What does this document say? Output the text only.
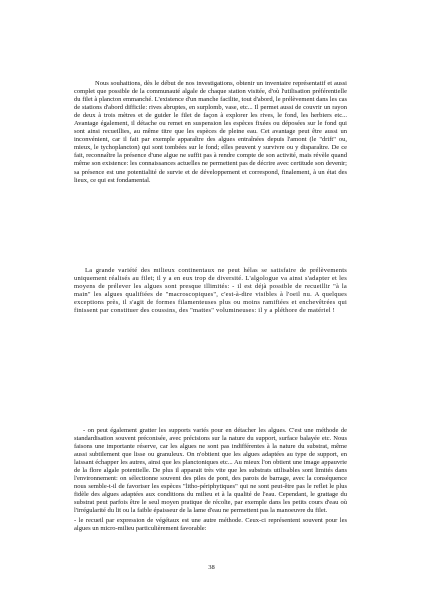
Nous souhaitions, dès le début de nos investigations, obtenir un inventaire représentatif et aussi complet que possible de la communauté algale de chaque station visitée, d'où l'utilisation préférentielle du filet à plancton emmanché. L'existence d'un manche facilite, tout d'abord, le prélèvement dans les cas de stations d'abord difficile: rives abruptes, en surplomb, vase, etc... Il permet aussi de couvrir un rayon de deux à trois mètres et de guider le filet de façon à explorer les rives, le fond, les herbiers etc... Avantage également, il détache ou remet en suspension les espèces fixées ou déposées sur le fond qui sont ainsi recueillies, au même titre que les espèces de pleine eau. Cet avantage peut être aussi un inconvénient, car il fait par exemple apparaître des algues entraînées depuis l'amont (le "drift" ou, mieux, le tychoplancton) qui sont tombées sur le fond; elles peuvent y survivre ou y disparaître. De ce fait, reconnaître la présence d'une algue ne suffit pas à rendre compte de son activité, mais révèle quand même son existence: les connaissances actuelles ne permettent pas de décrire avec certitude son devenir; sa présence est une potentialité de survie et de développement et correspond, finalement, à un état des lieux, ce qui est fondamental.

La grande variété des milieux continentaux ne peut hélas se satisfaire de prélèvements uniquement réalisés au filet; il y a en eux trop de diversité. L'algologue va ainsi s'adapter et les moyens de prélever les algues sont presque illimités: - il est déjà possible de recueillir "à la main" les algues qualifiées de "macroscopiques", c'est-à-dire visibles à l'oeil nu. A quelques exceptions près, il s'agit de formes filamenteuses plus ou moins ramifiées et enchevêtrées qui finissent par constituer des coussins, des "mattes" volumineuses: il y a pléthore de matériel !

- on peut également gratter les supports variés pour en détacher les algues. C'est une méthode de standardisation souvent préconisée, avec précisions sur la nature du support, surface balayée etc. Nous faisons une importante réserve, car les algues ne sont pas indifférentes à la nature du substrat, même aussi subtilement que lisse ou granuleux. On n'obtient que les algues adaptées au type de support, en laissant échapper les autres, ainsi que les planctoniques etc... Au mieux l'on obtient une image appauvrie de la flore algale potentielle. De plus il apparait très vite que les substrats utilisables sont limités dans l'environnement: on sélectionne souvent des piles de pont, des parois de barrage, avec la conséquence nous semble-t-il de favoriser les espèces "litho-périphytiques" qui ne sont peut-être pas le reflet le plus fidèle des algues adaptées aux conditions du milieu et à la qualité de l'eau. Cependant, le grattage du substrat peut parfois être le seul moyen pratique de récolte, par exemple dans les petits cours d'eau où l'irrégularité du lit ou la faible épaisseur de la lame d'eau ne permettent pas la manoeuvre du filet.

- le recueil par expression de végétaux est une autre méthode. Ceux-ci représentent souvent pour les algues un micro-milieu particulièrement favorable:

38
